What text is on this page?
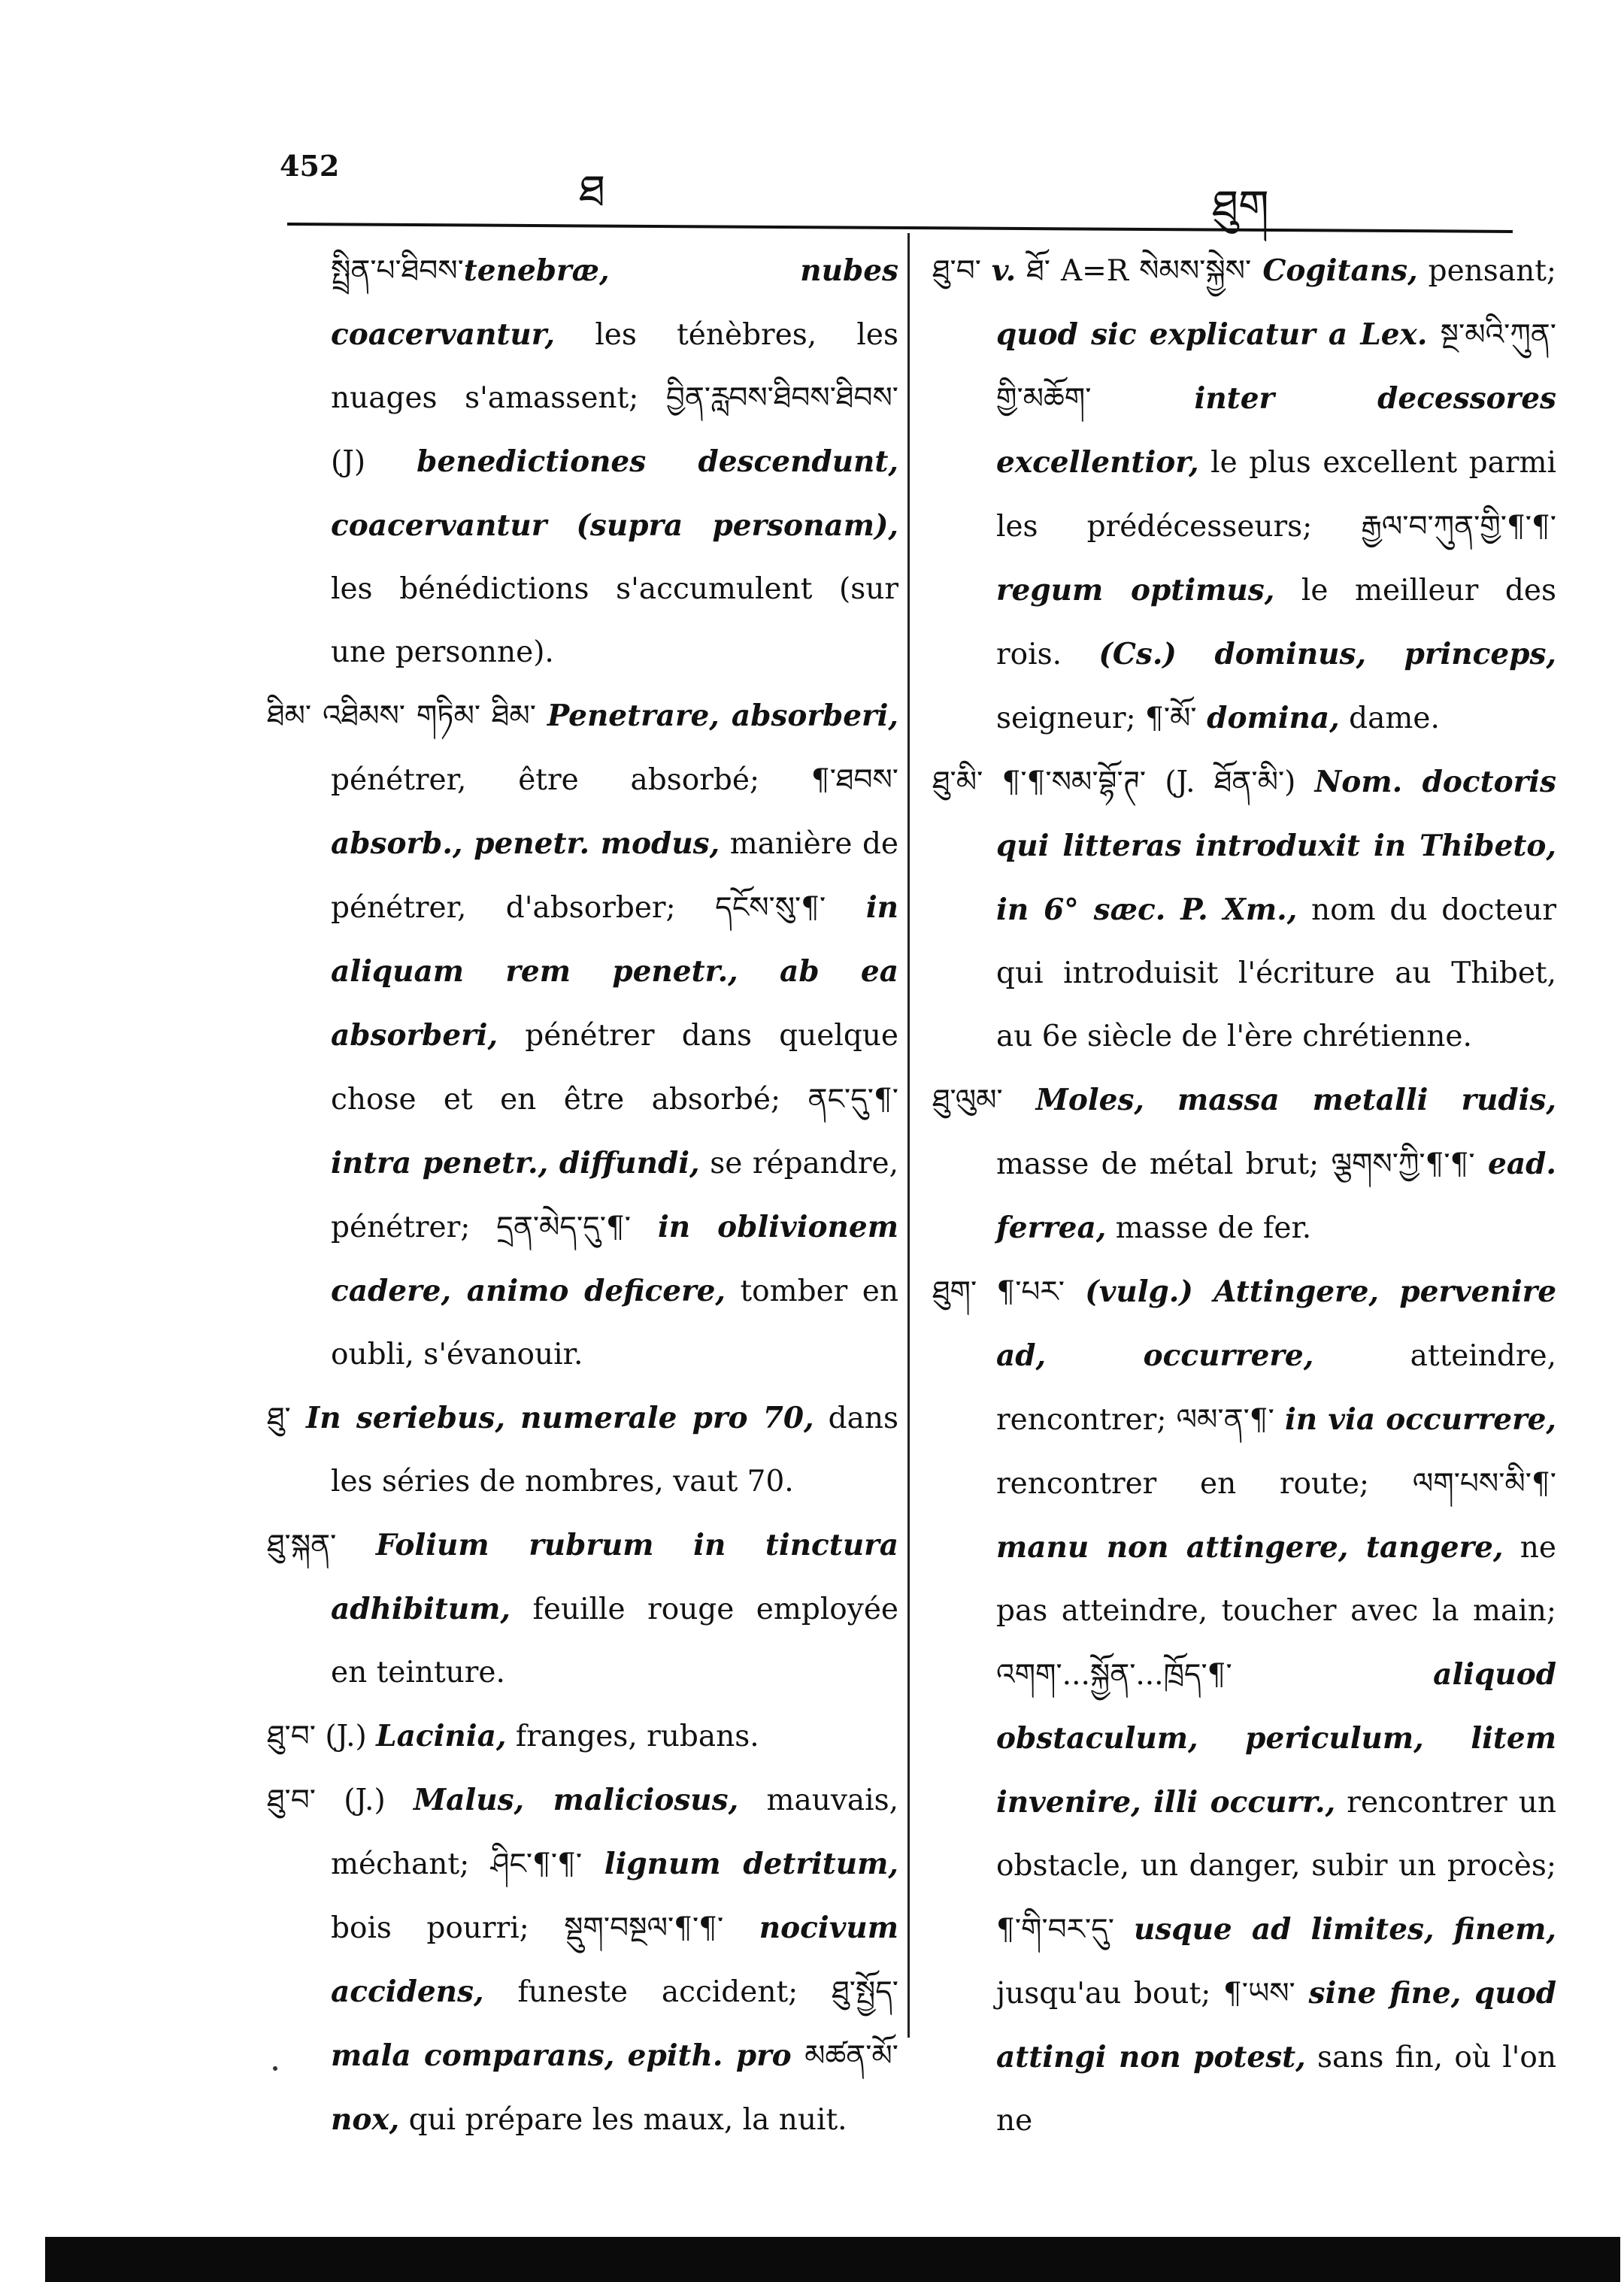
452	ཐ	ཐུག
སྤྲིན་པ་ཐིབས་tenebræ, nubes coacervantur, les ténèbres, les nuages s'amassent; བྱིན་རླབས་ཐིབས་ཐིབས་ (J) benedictiones descendunt, coacervantur (supra personam), les bénédictions s'accumulent (sur une personne).
ཐིམ་ འཐིམས་ གཏིམ་ ཐིམ་ Penetrare, absorberi, pénétrer, être absorbé; ¶་ཐབས་ absorb., penetr. modus, manière de pénétrer, d'absorber; དངོས་སུ་¶་ in aliquam rem penetr., ab ea absorberi, pénétrer dans quelque chose et en être absorbé; ནང་དུ་¶་ intra penetr., diffundi, se répandre, pénétrer; དྲན་མེད་དུ་¶་ in oblivionem cadere, animo deficere, tomber en oubli, s'évanouir.
ཐུ་ In seriebus, numerale pro 70, dans les séries de nombres, vaut 70.
ཐུ་སྐན་ Folium rubrum in tinctura adhibitum, feuille rouge employée en teinture.
ཐུ་བ་ (J.) Lacinia, franges, rubans.
ཐུ་བ་ (J.) Malus, maliciosus, mauvais, méchant; ཤིང་¶་¶་ lignum detritum, bois pourri; སྡུག་བསྔལ་¶་¶་ nocivum accidens, funeste accident; ཐུ་སྤྱོད་ mala comparans, epith. pro མཚན་མོ་ nox, qui prépare les maux, la nuit.
ཐུ་བ་ v. ཐོ་ A=R སེམས་སྐྱེས་ Cogitans, pensant; quod sic explicatur a Lex. སྔ་མའི་ཀུན་གྱི་མཆོག་ inter decessores excellentior, le plus excellent parmi les prédécesseurs; རྒྱལ་བ་ཀུན་གྱི་¶་¶་ regum optimus, le meilleur des rois. (Cs.) dominus, princeps, seigneur; ¶་མོ་ domina, dame.
ཐུ་མི་ ¶་¶་སམ་བྷོ་ཊ་ (J. ཐོན་མི་) Nom. doctoris qui litteras introduxit in Thibeto, in 6° sæc. P. Xm., nom du docteur qui introduisit l'écriture au Thibet, au 6e siècle de l'ère chrétienne.
ཐུ་ལུམ་ Moles, massa metalli rudis, masse de métal brut; ལྕགས་ཀྱི་¶་¶་ ead. ferrea, masse de fer.
ཐུག་ ¶་པར་ (vulg.) Attingere, pervenire ad, occurrere, atteindre, rencontrer; ལམ་ན་¶་ in via occurrere, rencontrer en route; ལག་པས་མི་¶་ manu non attingere, tangere, ne pas atteindre, toucher avec la main; འགག་...སྐྱོན་...ཁྲོད་¶་ aliquod obstaculum, periculum, litem invenire, illi occurr., rencontrer un obstacle, un danger, subir un procès; ¶་གི་བར་དུ་ usque ad limites, finem, jusqu'au bout; ¶་ཡས་ sine fine, quod attingi non potest, sans fin, où l'on ne
